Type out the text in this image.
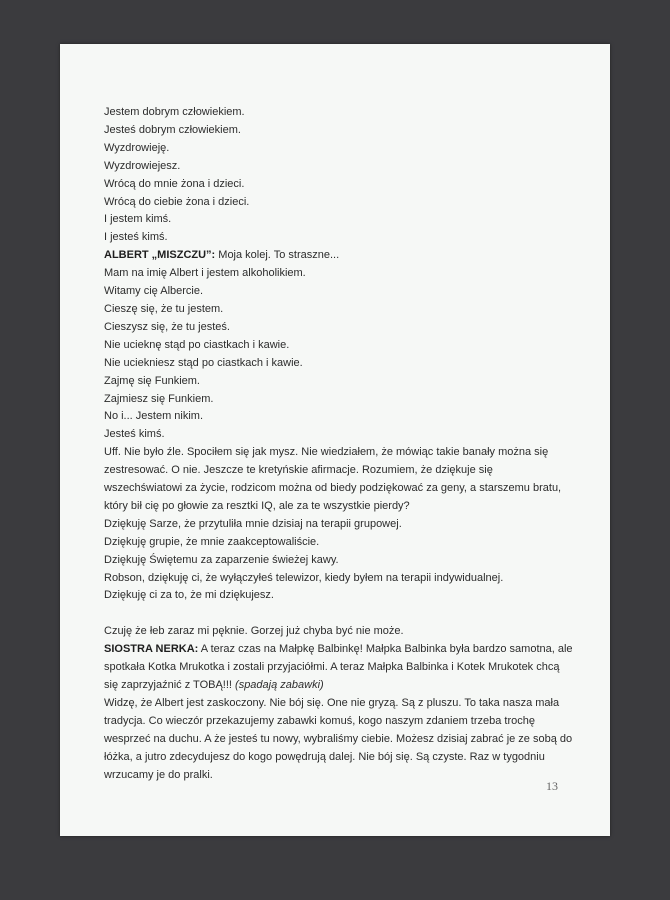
Jestem dobrym człowiekiem.

Jesteś dobrym człowiekiem.

Wyzdrowieję.

Wyzdrowiejesz.

Wrócą do mnie żona i dzieci.

Wrócą do ciebie żona i dzieci.

I jestem kimś.

I jesteś kimś.

ALBERT „MISZCZU”: Moja kolej. To straszne...

Mam na imię Albert i jestem alkoholikiem.

Witamy cię Albercie.

Cieszę się, że tu jestem.

Cieszysz się, że tu jesteś.

Nie ucieknę stąd po ciastkach i kawie.

Nie uciekniesz stąd po ciastkach i kawie.

Zajmę się Funkiem.

Zajmiesz się Funkiem.

No i... Jestem nikim.

Jesteś kimś.

Uff. Nie było źle. Spociłem się jak mysz. Nie wiedziałem, że mówiąc takie banały można się zestresować. O nie. Jeszcze te kretyńskie afirmacje. Rozumiem, że dziękuje się wszechświatowi za życie, rodzicom można od biedy podziękować za geny, a starszemu bratu, który bił cię po głowie za resztki IQ, ale za te wszystkie pierdy?

Dziękuję Sarze, że przytuliła mnie dzisiaj na terapii grupowej.

Dziękuję grupie, że mnie zaakceptowaliście.

Dziękuję Świętemu za zaparzenie świeżej kawy.

Robson, dziękuję ci, że wyłączyłeś telewizor, kiedy byłem na terapii indywidualnej.

Dziękuję ci za to, że mi dziękujesz.

Czuję że łeb zaraz mi pęknie. Gorzej już chyba być nie może.

SIOSTRA NERKA: A teraz czas na Małpkę Balbinkę! Małpka Balbinka była bardzo samotna, ale spotkała Kotka Mrukotka i zostali przyjaciółmi. A teraz Małpka Balbinka i Kotek Mrukotek chcą się zaprzyjaźnić z TOBĄ!!! (spadają zabawki)

Widzę, że Albert jest zaskoczony. Nie bój się. One nie gryzą. Są z pluszu. To taka nasza mała tradycja. Co wieczór przekazujemy zabawki komuś, kogo naszym zdaniem trzeba trochę wesprzeć na duchu. A że jesteś tu nowy, wybraliśmy ciebie. Możesz dzisiaj zabrać je ze sobą do łóżka, a jutro zdecydujesz do kogo powędrują dalej. Nie bój się. Są czyste. Raz w tygodniu wrzucamy je do pralki.

13
